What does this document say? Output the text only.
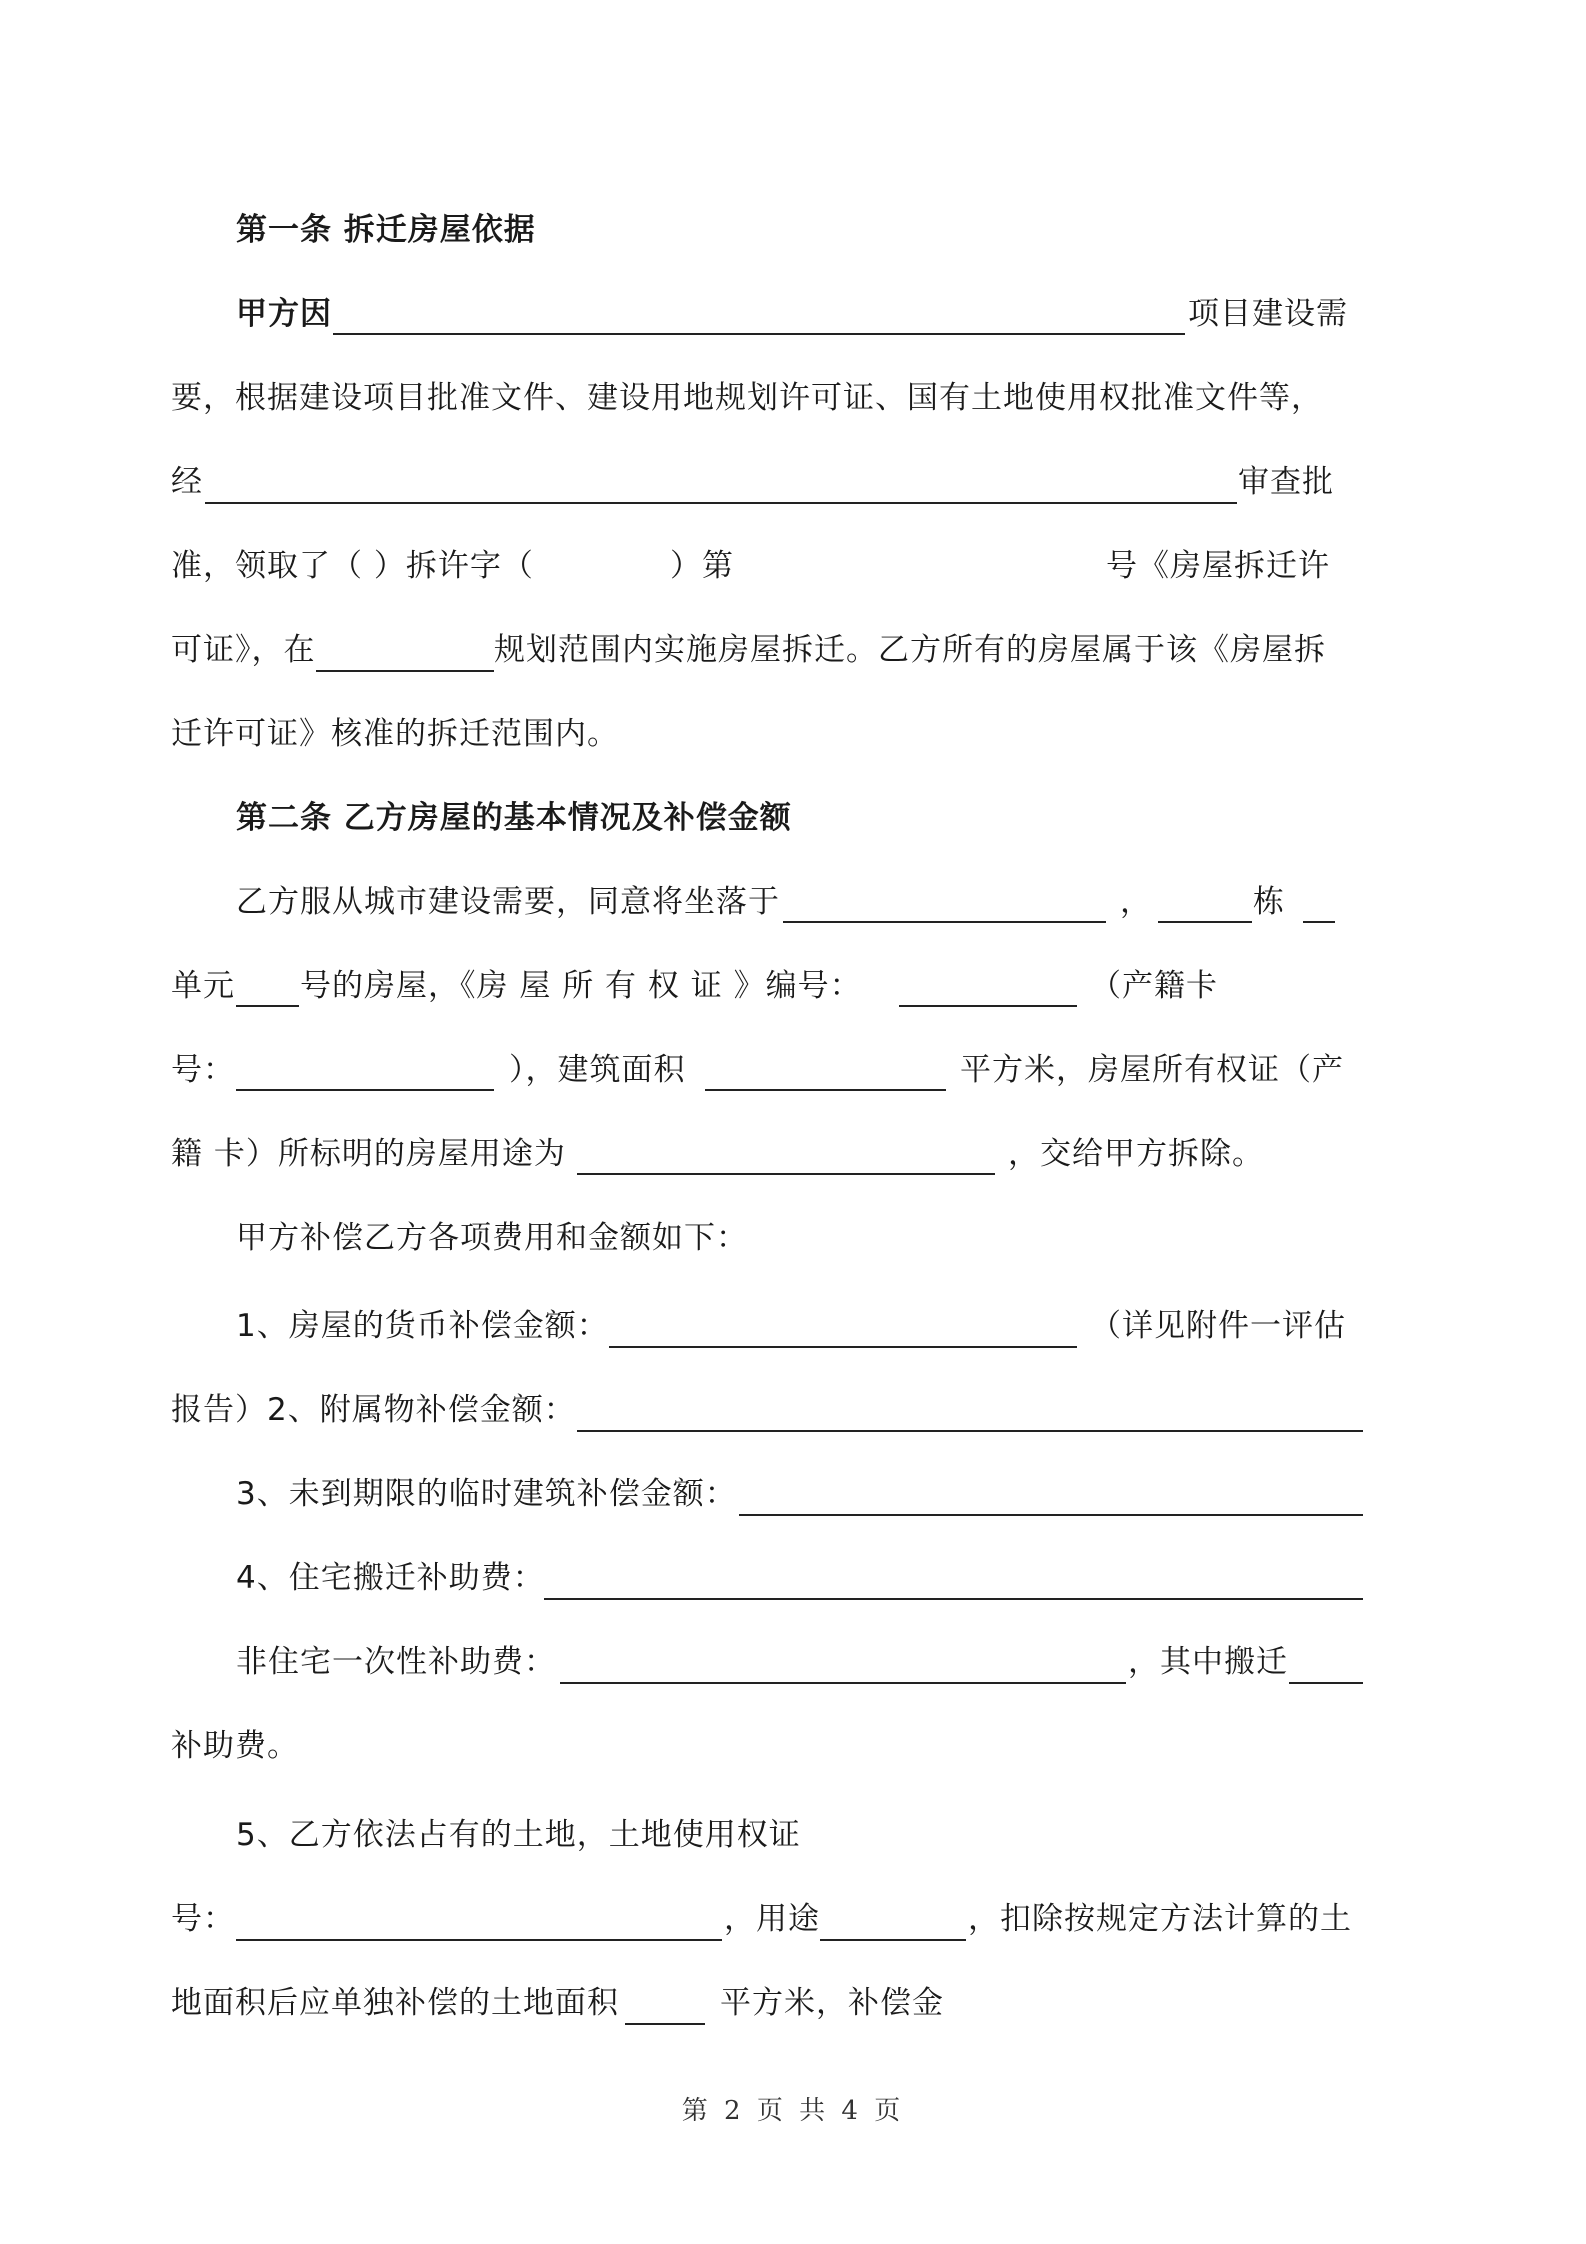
第一条 拆迁房屋依据
甲方因	项目建设需
要，根据建设项目批准文件、建设用地规划许可证、国有土地使用权批准文件等，
经	审查批
准，领取了（ ）拆许字（	）第	号《房屋拆迁许
可证》，在	规划范围内实施房屋拆迁。乙方所有的房屋属于该《房屋拆
迁许可证》核准的拆迁范围内。
第二条 乙方房屋的基本情况及补偿金额
乙方服从城市建设需要，同意将坐落于	，	栋
单元 号的房屋，《房 屋 所 有 权 证 》编号：	（产籍卡
号：	），建筑面积	平方米，房屋所有权证（产
籍 卡）所标明的房屋用途为	，交给甲方拆除。
甲方补偿乙方各项费用和金额如下：
1、房屋的货币补偿金额：	（详见附件一评估
报告）2、附属物补偿金额：
3、未到期限的临时建筑补偿金额：
4、住宅搬迁补助费：
非住宅一次性补助费：	，其中搬迁
补助费。
5、乙方依法占有的土地，土地使用权证
号：	，用途	，扣除按规定方法计算的土
地面积后应单独补偿的土地面积	平方米，补偿金
第 2 页 共 4 页
